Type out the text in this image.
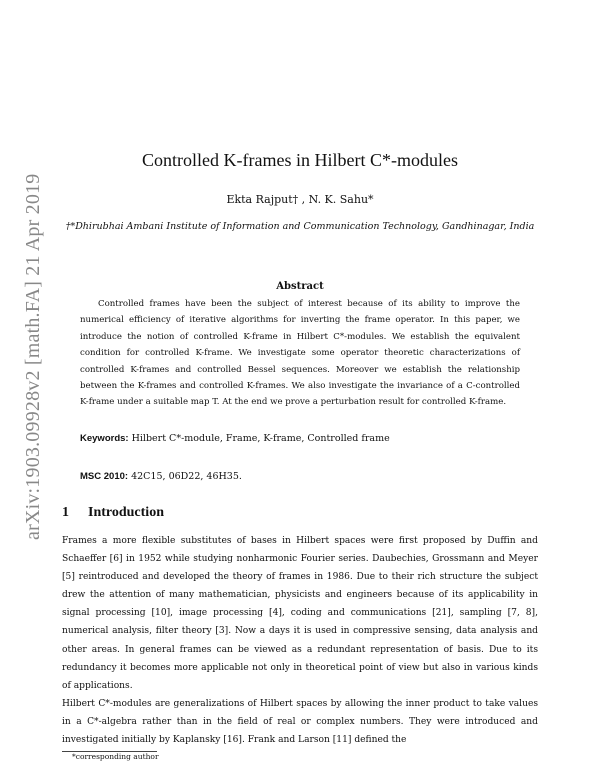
arXiv:1903.09928v2 [math.FA] 21 Apr 2019
Controlled K-frames in Hilbert C*-modules
Ekta Rajput† , N. K. Sahu*
†*Dhirubhai Ambani Institute of Information and Communication Technology, Gandhinagar, India
Abstract
Controlled frames have been the subject of interest because of its ability to improve the numerical efficiency of iterative algorithms for inverting the frame operator. In this paper, we introduce the notion of controlled K-frame in Hilbert C*-modules. We establish the equivalent condition for controlled K-frame. We investigate some operator theoretic characterizations of controlled K-frames and controlled Bessel sequences. Moreover we establish the relationship between the K-frames and controlled K-frames. We also investigate the invariance of a C-controlled K-frame under a suitable map T. At the end we prove a perturbation result for controlled K-frame.
Keywords: Hilbert C*-module, Frame, K-frame, Controlled frame
MSC 2010: 42C15, 06D22, 46H35.
1 Introduction

Frames a more flexible substitutes of bases in Hilbert spaces were first proposed by Duffin and Schaeffer [6] in 1952 while studying nonharmonic Fourier series. Daubechies, Grossmann and Meyer [5] reintroduced and developed the theory of frames in 1986. Due to their rich structure the subject drew the attention of many mathematician, physicists and engineers because of its applicability in signal processing [10], image processing [4], coding and communications [21], sampling [7, 8], numerical analysis, filter theory [3]. Now a days it is used in compressive sensing, data analysis and other areas. In general frames can be viewed as a redundant representation of basis. Due to its redundancy it becomes more applicable not only in theoretical point of view but also in various kinds of applications.

Hilbert C*-modules are generalizations of Hilbert spaces by allowing the inner product to take values in a C*-algebra rather than in the field of real or complex numbers. They were introduced and investigated initially by Kaplansky [16]. Frank and Larson [11] defined the

*corresponding author
